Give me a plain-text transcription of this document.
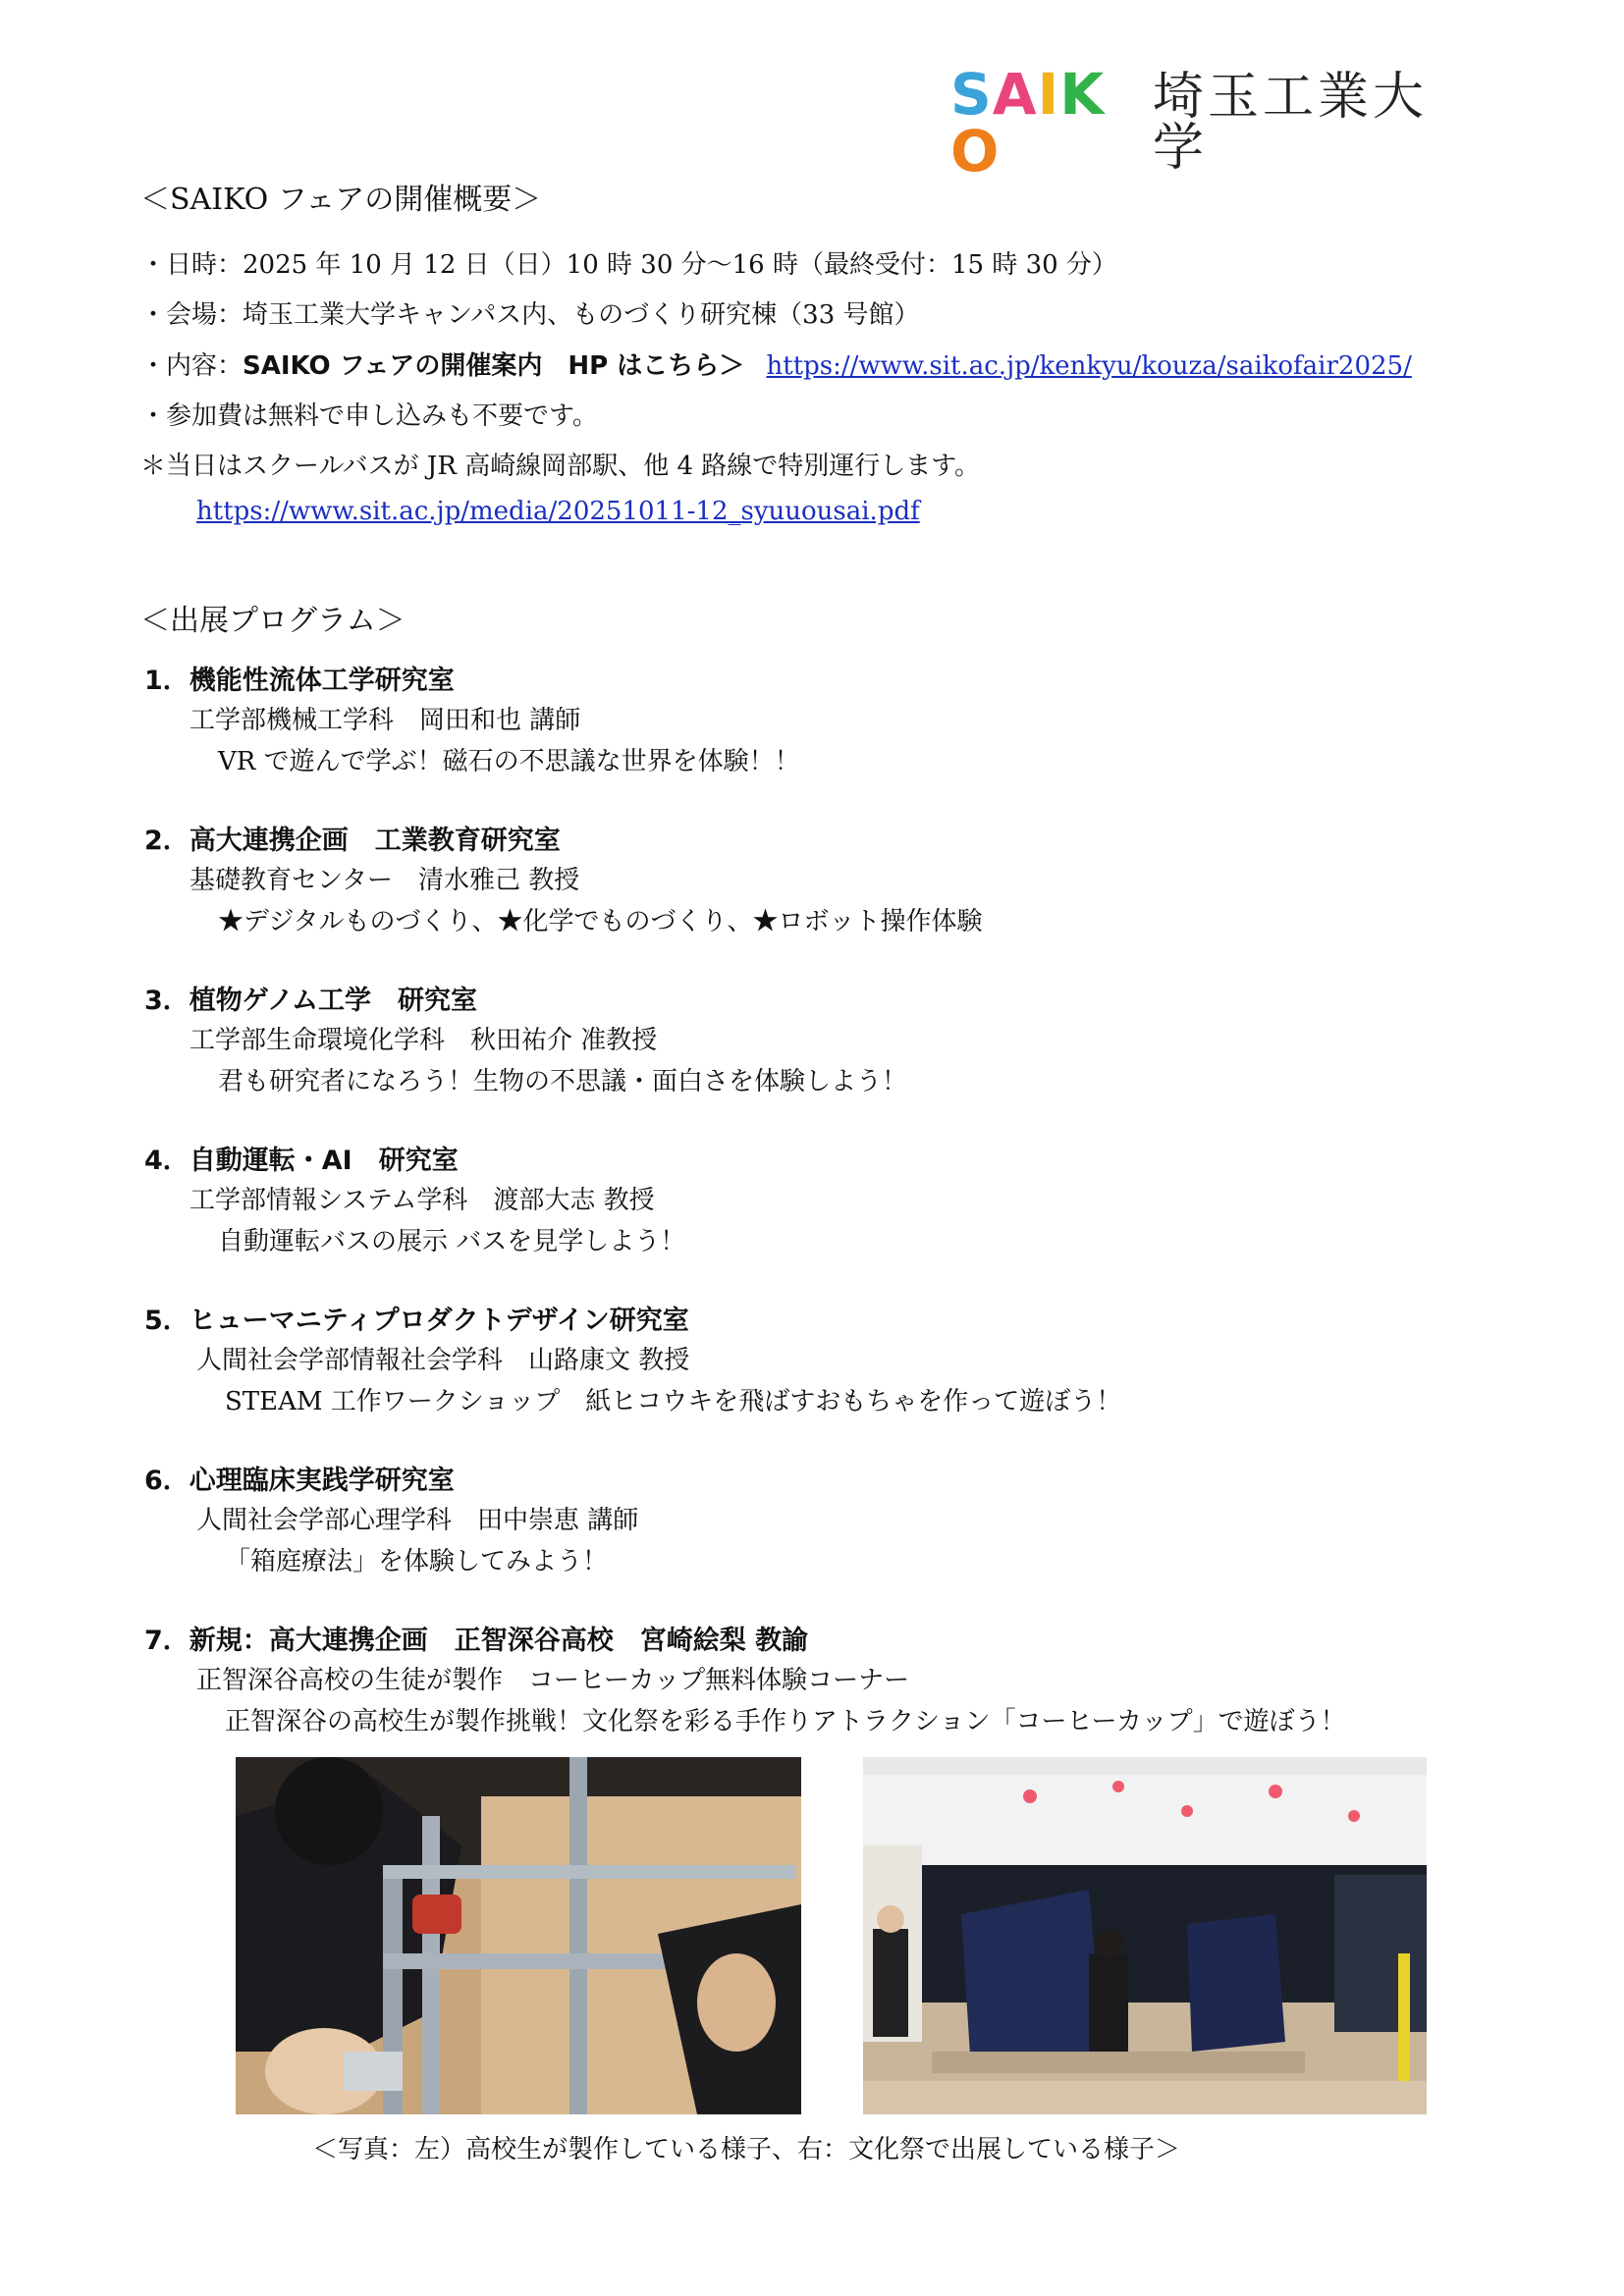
SAIKO
埼玉工業大学
＜SAIKO フェアの開催概要＞
・日時：2025 年 10 月 12 日（日）10 時 30 分～16 時（最終受付：15 時 30 分）
・会場：埼玉工業大学キャンパス内、ものづくり研究棟（33 号館）
・内容：SAIKO フェアの開催案内　HP はこちら＞ https://www.sit.ac.jp/kenkyu/kouza/saikofair2025/
・参加費は無料で申し込みも不要です。
＊当日はスクールバスが JR 高崎線岡部駅、他 4 路線で特別運行します。
https://www.sit.ac.jp/media/20251011-12_syuuousai.pdf
＜出展プログラム＞
1．機能性流体工学研究室
工学部機械工学科　岡田和也 講師
VR で遊んで学ぶ！磁石の不思議な世界を体験！！
2．高大連携企画　工業教育研究室
基礎教育センター　清水雅己 教授
★デジタルものづくり、★化学でものづくり、★ロボット操作体験
3．植物ゲノム工学　研究室
工学部生命環境化学科　秋田祐介 准教授
君も研究者になろう！生物の不思議・面白さを体験しよう！
4．自動運転・AI　研究室
工学部情報システム学科　渡部大志 教授
自動運転バスの展示 バスを見学しよう！
5．ヒューマニティプロダクトデザイン研究室
人間社会学部情報社会学科　山路康文 教授
STEAM 工作ワークショップ　紙ヒコウキを飛ばすおもちゃを作って遊ぼう！
6．心理臨床実践学研究室
人間社会学部心理学科　田中崇恵 講師
「箱庭療法」を体験してみよう！
7．新規：高大連携企画　正智深谷高校　宮崎絵梨 教諭
正智深谷高校の生徒が製作　コーヒーカップ無料体験コーナー
正智深谷の高校生が製作挑戦！文化祭を彩る手作りアトラクション「コーヒーカップ」で遊ぼう！
＜写真：左）高校生が製作している様子、右：文化祭で出展している様子＞
